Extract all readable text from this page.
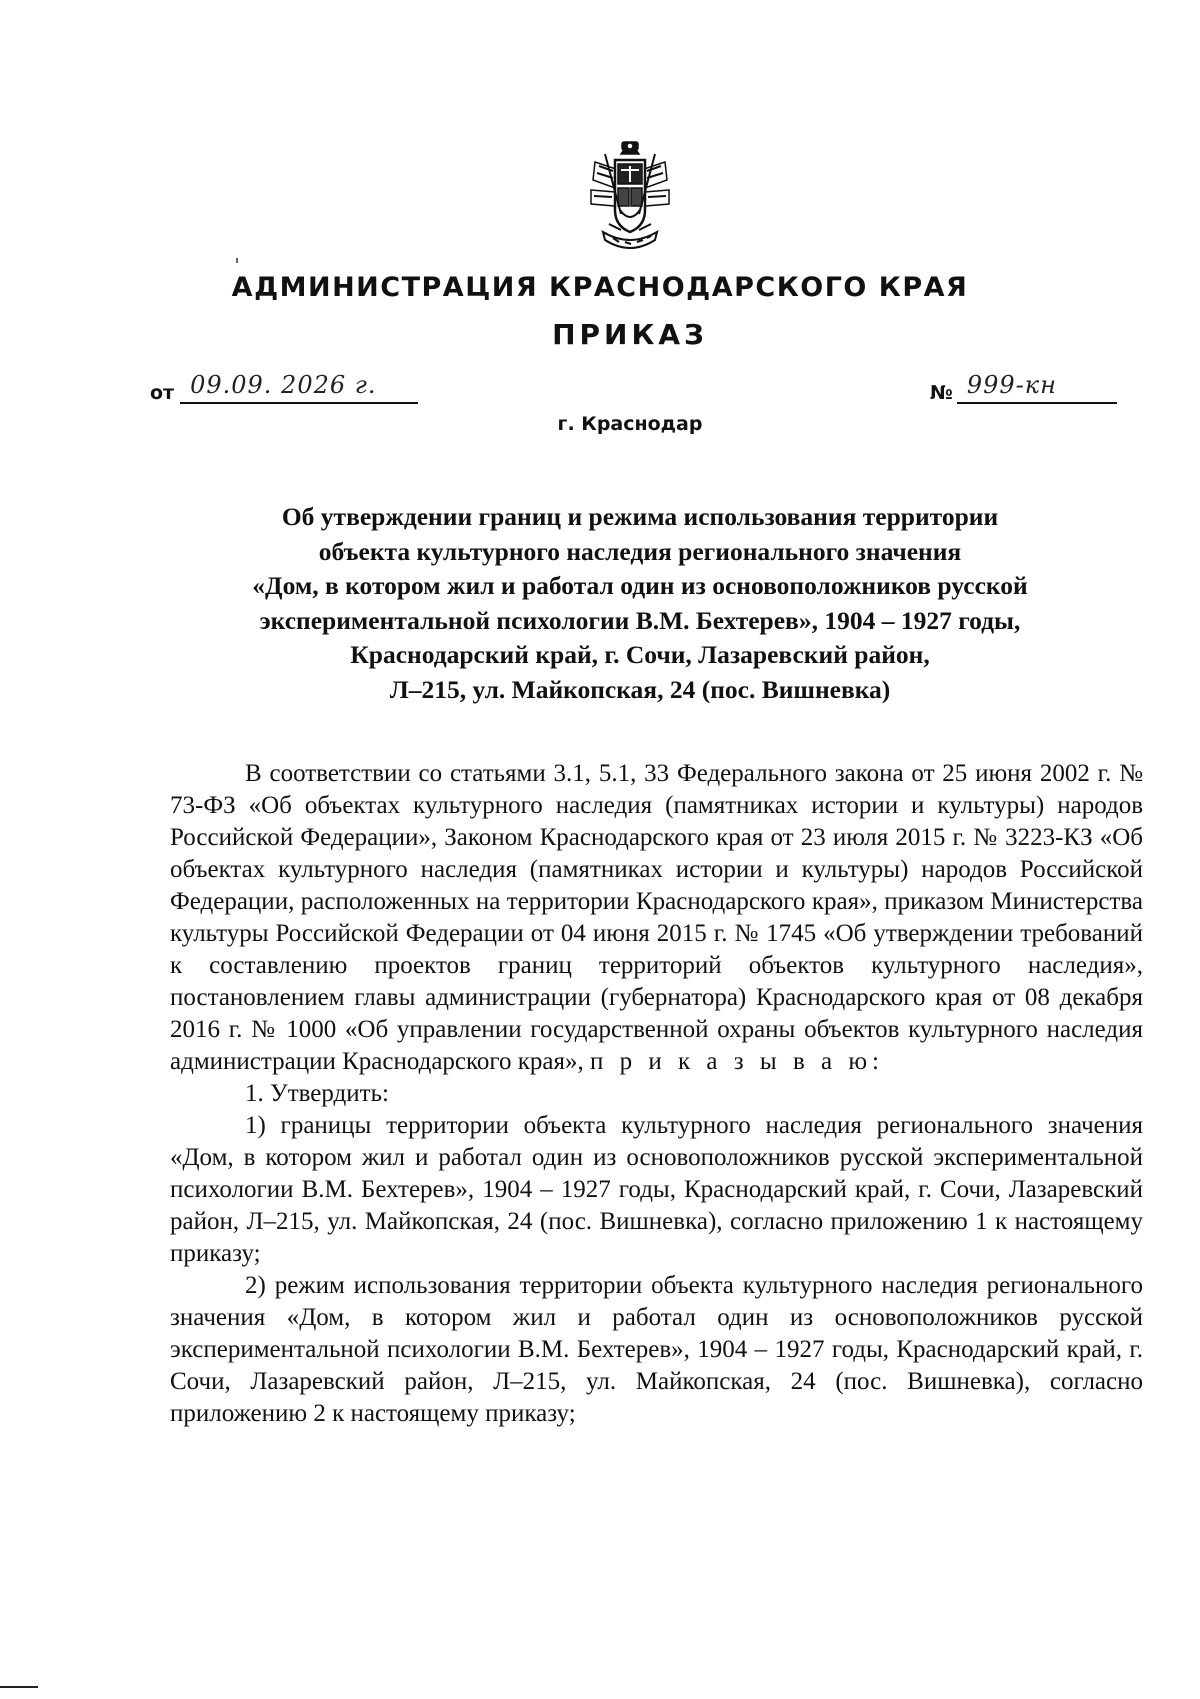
АДМИНИСТРАЦИЯ КРАСНОДАРСКОГО КРАЯ
ПРИКАЗ
от 09.09. 2026 г.	№ 999-кн
г. Краснодар
Об утверждении границ и режима использования территории
объекта культурного наследия регионального значения
«Дом, в котором жил и работал один из основоположников русской
экспериментальной психологии В.М. Бехтерев», 1904 – 1927 годы,
Краснодарский край, г. Сочи, Лазаревский район,
Л–215, ул. Майкопская, 24 (пос. Вишневка)

В соответствии со статьями 3.1, 5.1, 33 Федерального закона от 25 июня 2002 г. № 73-ФЗ «Об объектах культурного наследия (памятниках истории и культуры) народов Российской Федерации», Законом Краснодарского края от 23 июля 2015 г. № 3223-КЗ «Об объектах культурного наследия (памятниках истории и культуры) народов Российской Федерации, расположенных на территории Краснодарского края», приказом Министерства культуры Российской Федерации от 04 июня 2015 г. № 1745 «Об утверждении требований к составлению проектов границ территорий объектов культурного наследия», постановлением главы администрации (губернатора) Краснодарского края от 08 декабря 2016 г. № 1000 «Об управлении государственной охраны объектов культурного наследия администрации Краснодарского края», п р и к а з ы в а ю:

1. Утвердить:

1) границы территории объекта культурного наследия регионального значения «Дом, в котором жил и работал один из основоположников русской экспериментальной психологии В.М. Бехтерев», 1904 – 1927 годы, Краснодарский край, г. Сочи, Лазаревский район, Л–215, ул. Майкопская, 24 (пос. Вишневка), согласно приложению 1 к настоящему приказу;

2) режим использования территории объекта культурного наследия регионального значения «Дом, в котором жил и работал один из основоположников русской экспериментальной психологии В.М. Бехтерев», 1904 – 1927 годы, Краснодарский край, г. Сочи, Лазаревский район, Л–215, ул. Майкопская, 24 (пос. Вишневка), согласно приложению 2 к настоящему приказу;
